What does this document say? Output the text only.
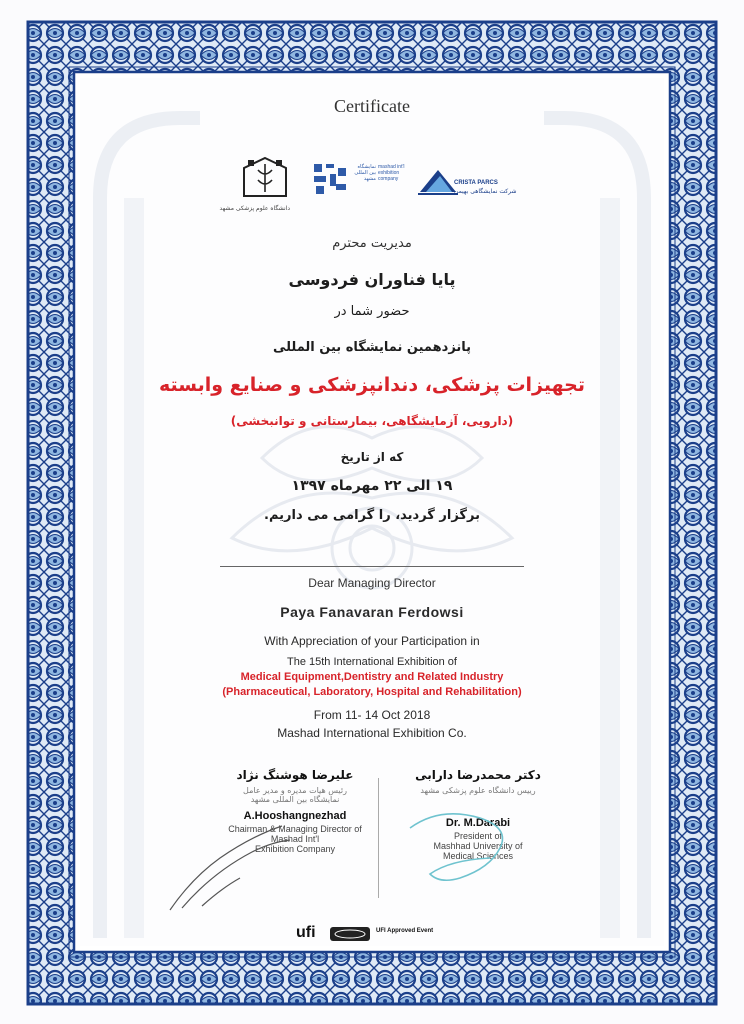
Certificate
دانشگاه علوم پزشکی مشهد
نمایشگاه بین المللی مشهد
mashad int'l exhibition company
CRISTA PARCS
شرکت نمایشگاهی بهیمن
مدیریت محترم
پایا فناوران فردوسی
حضور شما در
پانزدهمین نمایشگاه بین المللی
تجهیزات پزشکی، دندانپزشکی و صنایع وابسته
(دارویی، آزمایشگاهی، بیمارستانی و توانبخشی)
که از تاریخ
۱۹ الی ۲۲ مهرماه ۱۳۹۷
برگزار گردید، را گرامی می داریم.
Dear Managing Director
Paya Fanavaran Ferdowsi
With Appreciation of your Participation in
The 15th International Exhibition of
Medical Equipment,Dentistry and Related Industry
(Pharmaceutical, Laboratory, Hospital and Rehabilitation)
From 11- 14 Oct 2018
Mashad International Exhibition Co.
علیرضا هوشنگ نژاد
رئیس هیات مدیره و مدیر عامل
نمایشگاه بین المللی مشهد
A.Hooshangnezhad
Chairman & Managing Director of
Mashad Int'l
Exhibition Company
دکتر محمدرضا دارابی
رییس دانشگاه علوم پزشکی مشهد
Dr. M.Darabi
President of
Mashhad University of
Medical Sciences
ufi	UFI Approved Event
